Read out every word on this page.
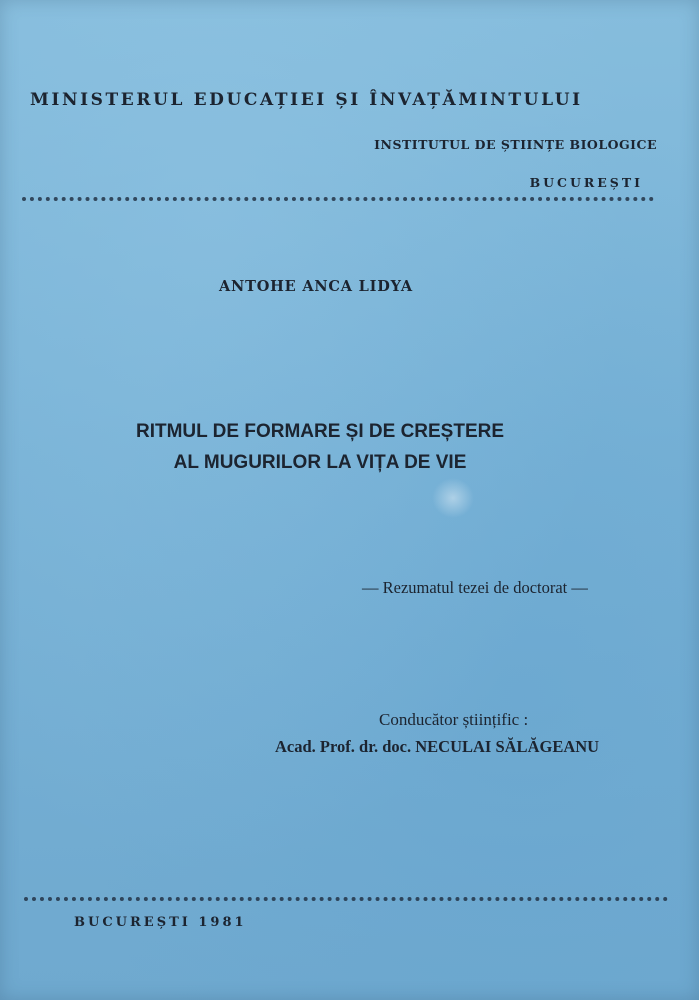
MINISTERUL EDUCAȚIEI ȘI ÎNVAȚĂMINTULUI

INSTITUTUL DE ȘTIINȚE BIOLOGICE

BUCUREȘTI

ANTOHE ANCA LIDYA

RITMUL DE FORMARE ȘI DE CREȘTERE
AL MUGURILOR LA VIȚA DE VIE

— Rezumatul tezei de doctorat —

Conducător științific :

Acad. Prof. dr. doc. NECULAI SĂLĂGEANU

BUCUREȘTI 1981
